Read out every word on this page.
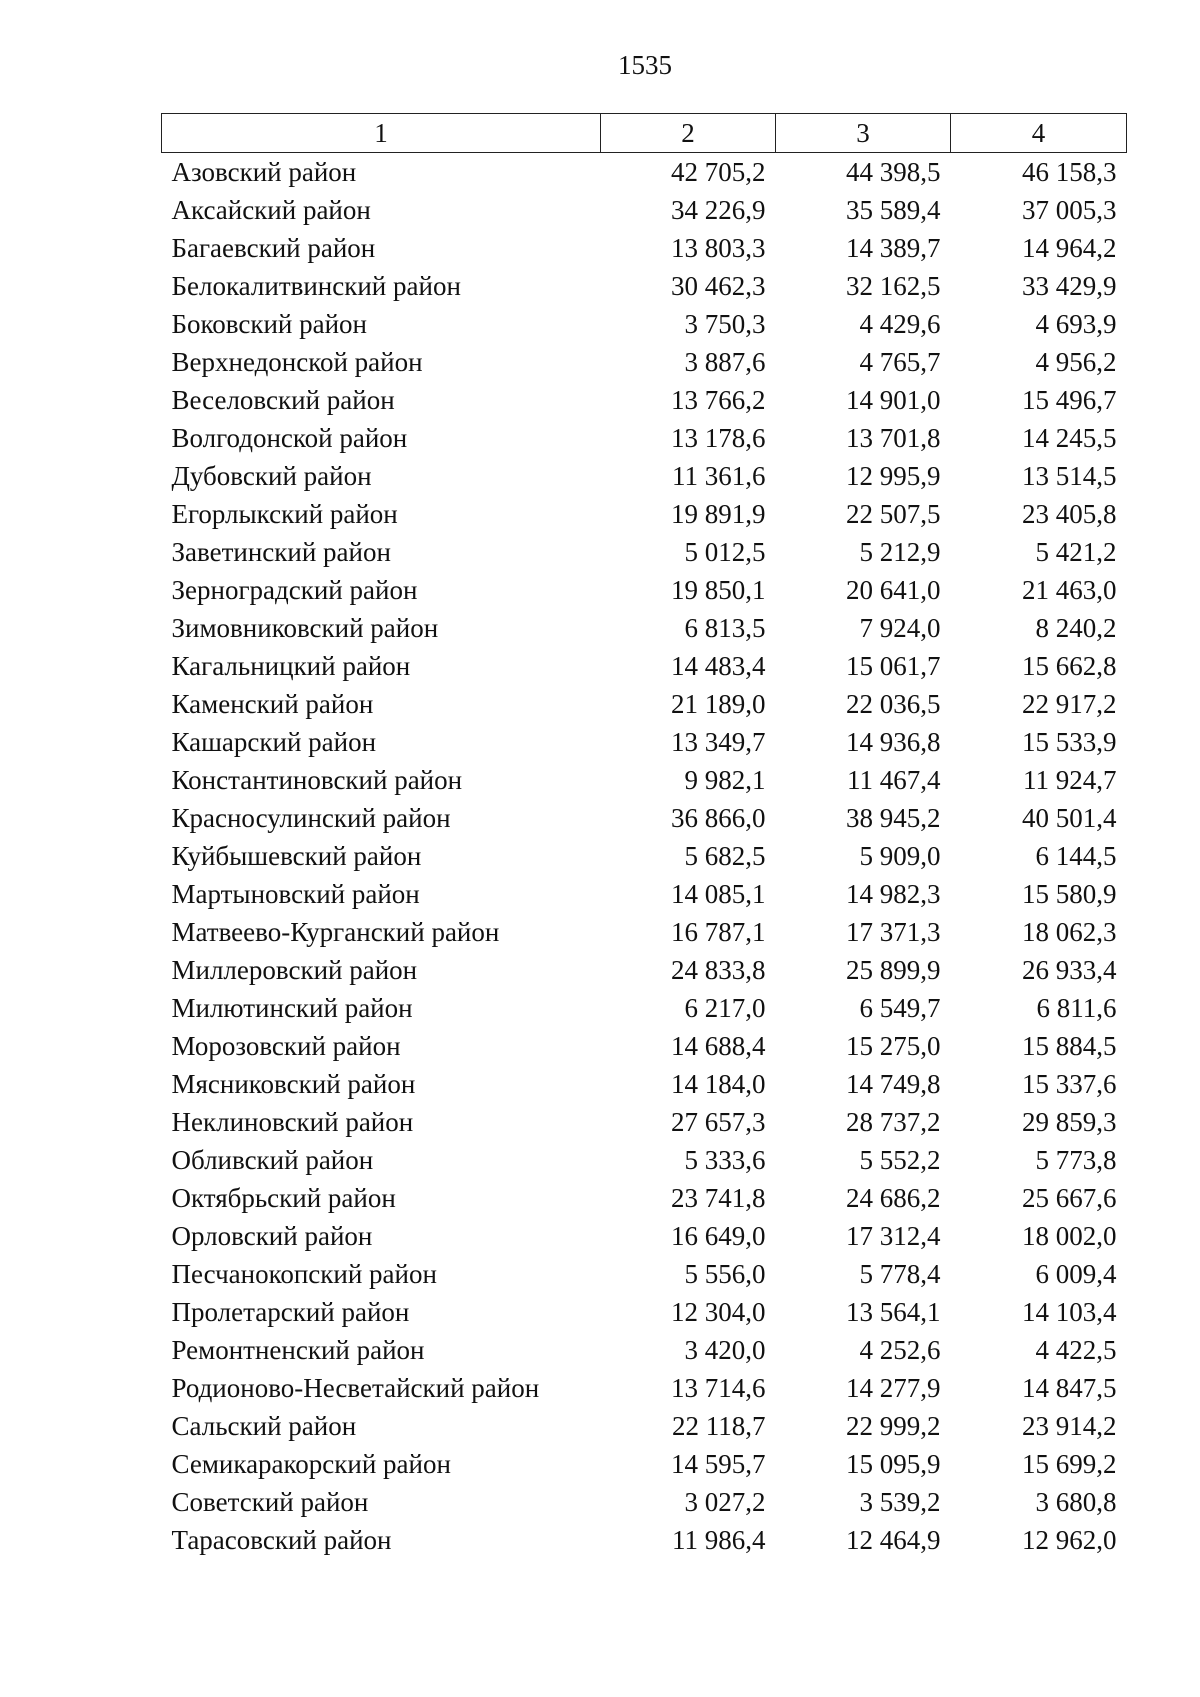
1535
1	2	3	4
Азовский район	42 705,2	44 398,5	46 158,3
Аксайский район	34 226,9	35 589,4	37 005,3
Багаевский район	13 803,3	14 389,7	14 964,2
Белокалитвинский район	30 462,3	32 162,5	33 429,9
Боковский район	3 750,3	4 429,6	4 693,9
Верхнедонской район	3 887,6	4 765,7	4 956,2
Веселовский район	13 766,2	14 901,0	15 496,7
Волгодонской район	13 178,6	13 701,8	14 245,5
Дубовский район	11 361,6	12 995,9	13 514,5
Егорлыкский район	19 891,9	22 507,5	23 405,8
Заветинский район	5 012,5	5 212,9	5 421,2
Зерноградский район	19 850,1	20 641,0	21 463,0
Зимовниковский район	6 813,5	7 924,0	8 240,2
Кагальницкий район	14 483,4	15 061,7	15 662,8
Каменский район	21 189,0	22 036,5	22 917,2
Кашарский район	13 349,7	14 936,8	15 533,9
Константиновский район	9 982,1	11 467,4	11 924,7
Красносулинский район	36 866,0	38 945,2	40 501,4
Куйбышевский район	5 682,5	5 909,0	6 144,5
Мартыновский район	14 085,1	14 982,3	15 580,9
Матвеево-Курганский район	16 787,1	17 371,3	18 062,3
Миллеровский район	24 833,8	25 899,9	26 933,4
Милютинский район	6 217,0	6 549,7	6 811,6
Морозовский район	14 688,4	15 275,0	15 884,5
Мясниковский район	14 184,0	14 749,8	15 337,6
Неклиновский район	27 657,3	28 737,2	29 859,3
Обливский район	5 333,6	5 552,2	5 773,8
Октябрьский район	23 741,8	24 686,2	25 667,6
Орловский район	16 649,0	17 312,4	18 002,0
Песчанокопский район	5 556,0	5 778,4	6 009,4
Пролетарский район	12 304,0	13 564,1	14 103,4
Ремонтненский район	3 420,0	4 252,6	4 422,5
Родионово-Несветайский район	13 714,6	14 277,9	14 847,5
Сальский район	22 118,7	22 999,2	23 914,2
Семикаракорский район	14 595,7	15 095,9	15 699,2
Советский район	3 027,2	3 539,2	3 680,8
Тарасовский район	11 986,4	12 464,9	12 962,0
